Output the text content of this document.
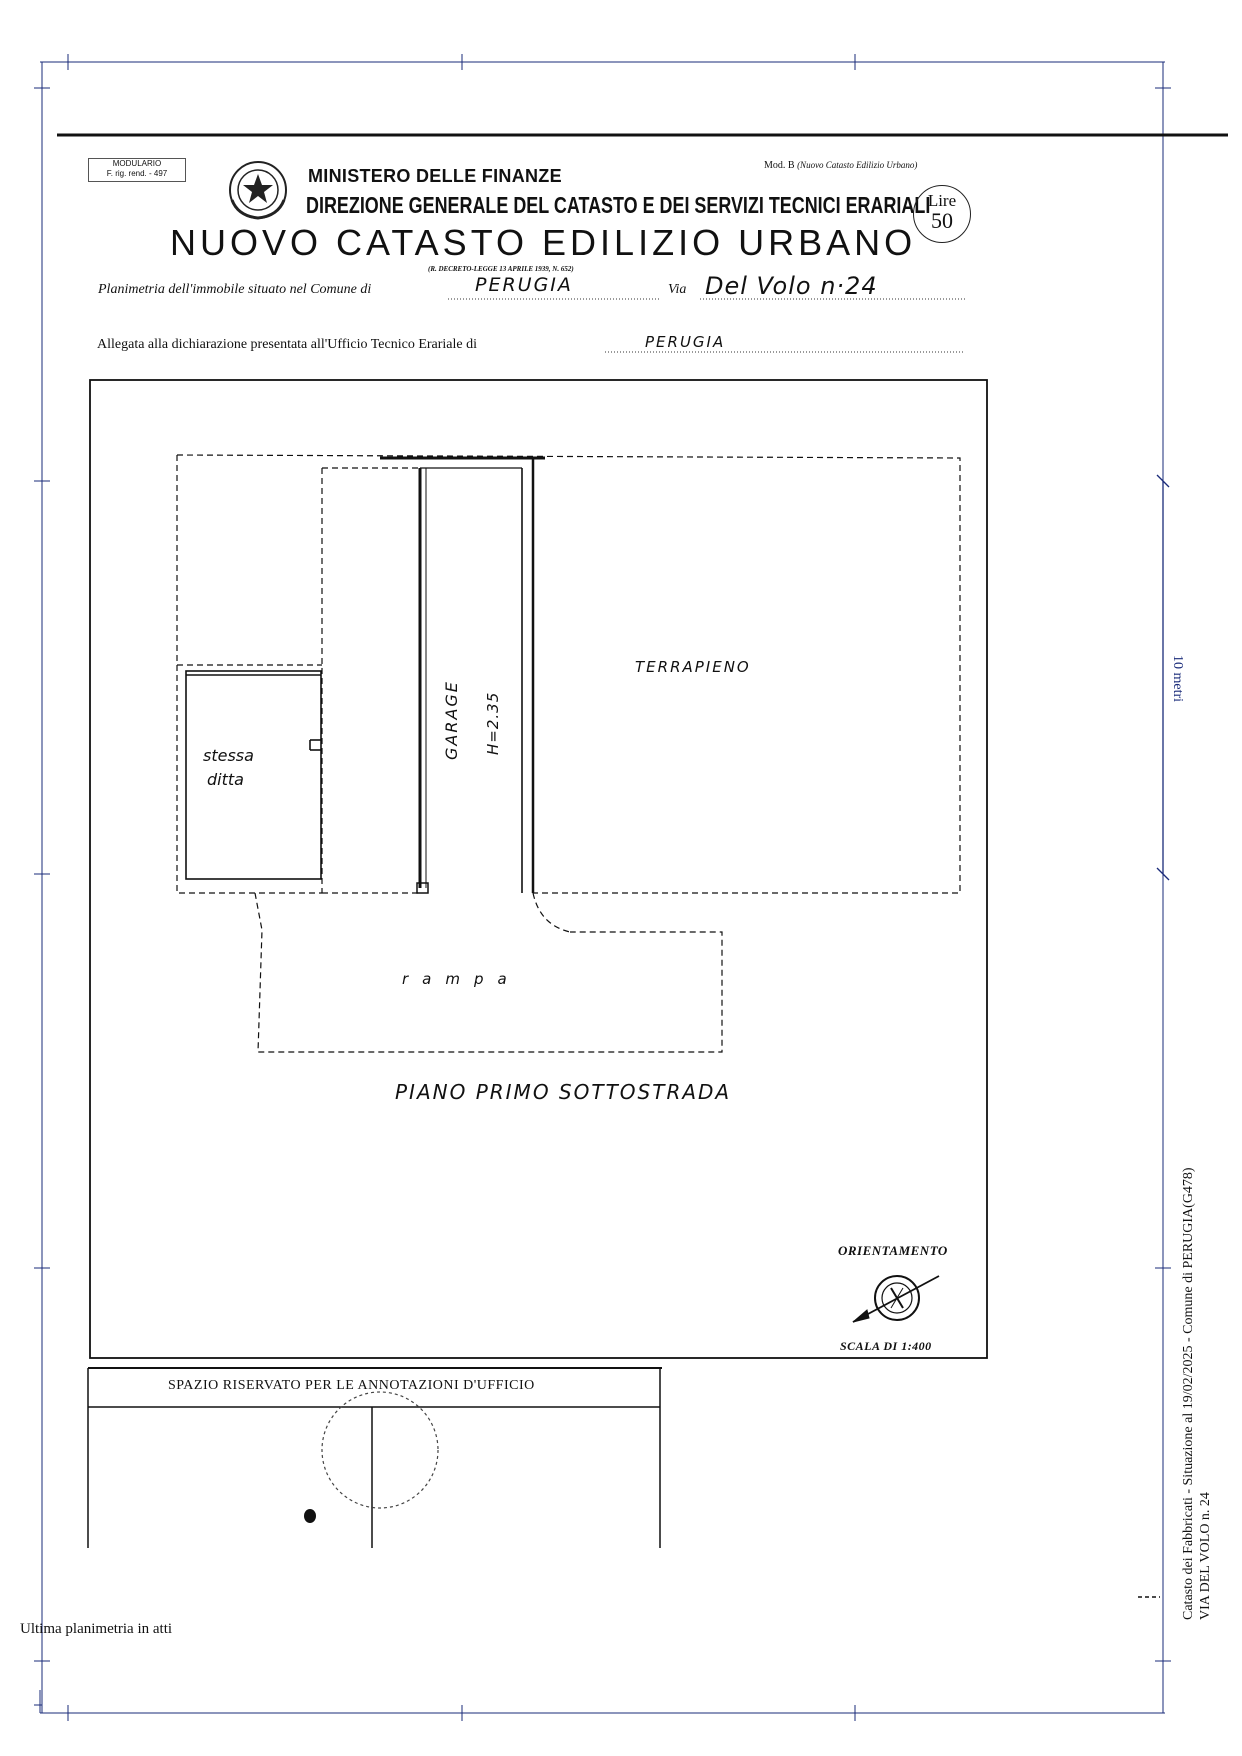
MODULARIO
F. rig. rend. - 497
Mod. B (Nuovo Catasto Edilizio Urbano)
MINISTERO DELLE FINANZE
DIREZIONE GENERALE DEL CATASTO E DEI SERVIZI TECNICI ERARIALI
NUOVO CATASTO EDILIZIO URBANO
(R. DECRETO-LEGGE 13 APRILE 1939, N. 652)
Lire
50
Planimetria dell'immobile situato nel Comune di	PERUGIA	Via Del Volo n·24
Allegata alla dichiarazione presentata all'Ufficio Tecnico Erariale di	PERUGIA
TERRAPIENO
GARAGE H=2.35
stessa
ditta
rampa
PIANO PRIMO SOTTOSTRADA
ORIENTAMENTO
SCALA DI 1:400
SPAZIO RISERVATO PER LE ANNOTAZIONI D'UFFICIO
Ultima planimetria in atti
Catasto dei Fabbricati - Situazione al 19/02/2025 - Comune di PERUGIA(G478) VIA DEL VOLO n. 24
10 metri
